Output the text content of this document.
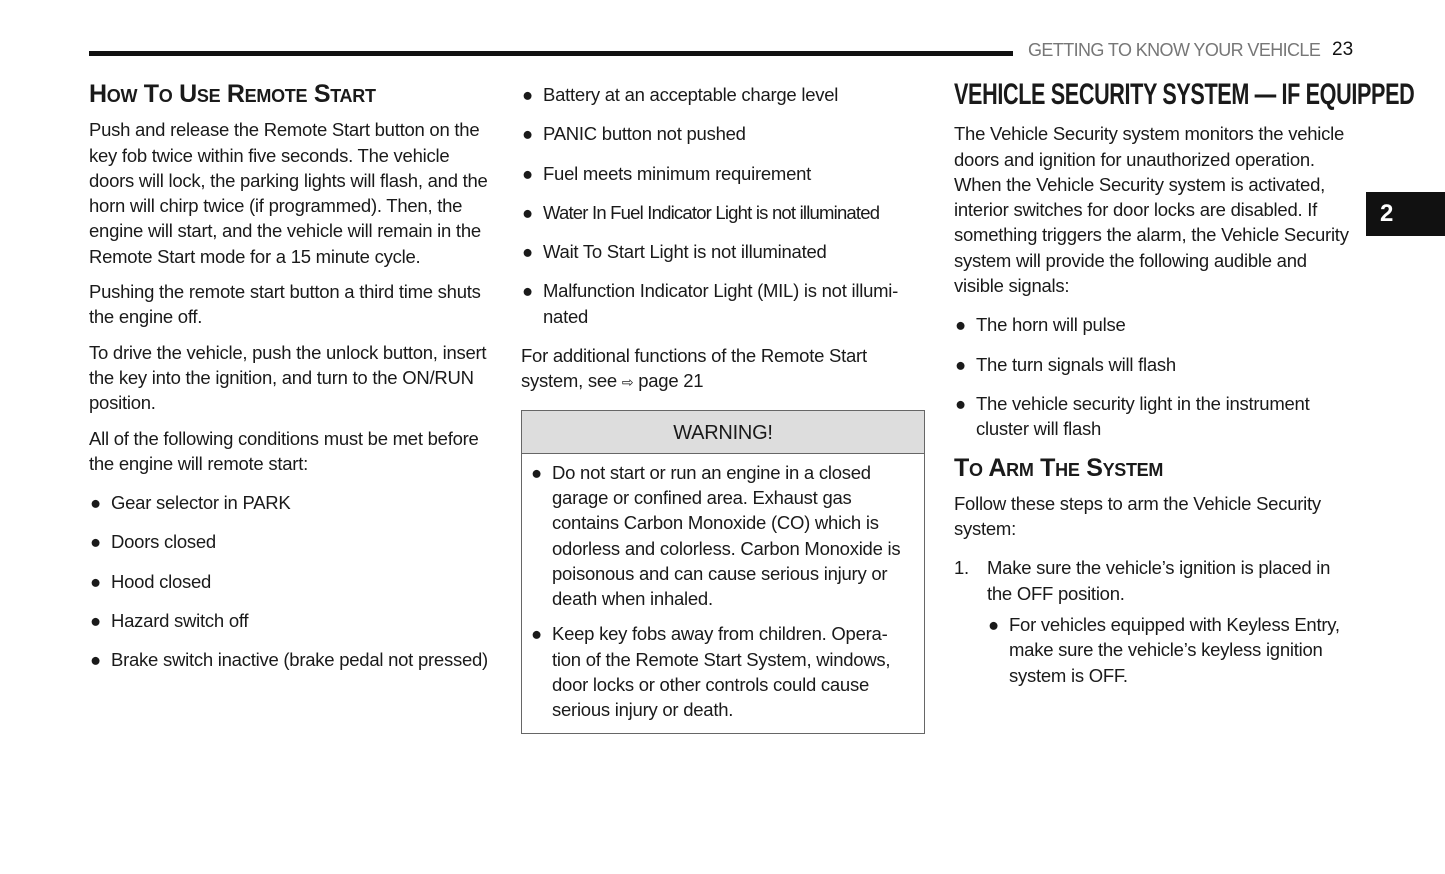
GETTING TO KNOW YOUR VEHICLE 23
2
How To Use Remote Start

Push and release the Remote Start button on the key fob twice within five seconds. The vehicle doors will lock, the parking lights will flash, and the horn will chirp twice (if programmed). Then, the engine will start, and the vehicle will remain in the Remote Start mode for a 15 minute cycle.

Pushing the remote start button a third time shuts the engine off.

To drive the vehicle, push the unlock button, insert the key into the ignition, and turn to the ON/RUN position.

All of the following conditions must be met before the engine will remote start:

● Gear selector in PARK
● Doors closed
● Hood closed
● Hazard switch off
● Brake switch inactive (brake pedal not pressed)
● Battery at an acceptable charge level
● PANIC button not pushed
● Fuel meets minimum requirement
● Water In Fuel Indicator Light is not illuminated
● Wait To Start Light is not illuminated
● Malfunction Indicator Light (MIL) is not illumi-nated

For additional functions of the Remote Start system, see ⇨ page 21

WARNING!
● Do not start or run an engine in a closed garage or confined area. Exhaust gas contains Carbon Monoxide (CO) which is odorless and colorless. Carbon Monoxide is poisonous and can cause serious injury or death when inhaled.
● Keep key fobs away from children. Opera-tion of the Remote Start System, windows, door locks or other controls could cause serious injury or death.
VEHICLE SECURITY SYSTEM — IF EQUIPPED

The Vehicle Security system monitors the vehicle doors and ignition for unauthorized operation. When the Vehicle Security system is activated, interior switches for door locks are disabled. If something triggers the alarm, the Vehicle Security system will provide the following audible and visible signals:

● The horn will pulse
● The turn signals will flash
● The vehicle security light in the instrument cluster will flash
To Arm The System

Follow these steps to arm the Vehicle Security system:

1. Make sure the vehicle’s ignition is placed in the OFF position.
● For vehicles equipped with Keyless Entry, make sure the vehicle’s keyless ignition system is OFF.
